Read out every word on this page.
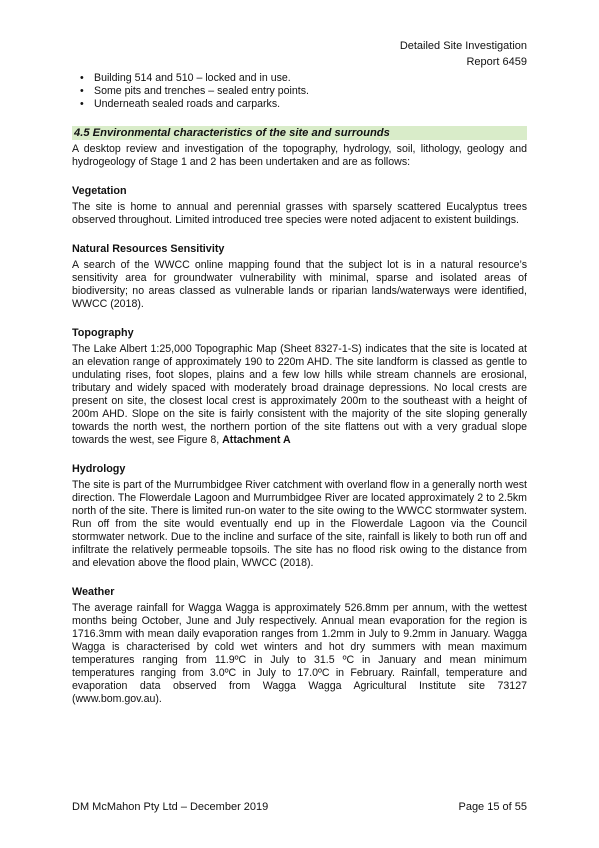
Detailed Site Investigation
Report 6459
• Building 514 and 510 – locked and in use.
• Some pits and trenches – sealed entry points.
• Underneath sealed roads and carparks.
4.5 Environmental characteristics of the site and surrounds

A desktop review and investigation of the topography, hydrology, soil, lithology, geology and hydrogeology of Stage 1 and 2 has been undertaken and are as follows:

Vegetation

The site is home to annual and perennial grasses with sparsely scattered Eucalyptus trees observed throughout. Limited introduced tree species were noted adjacent to existent buildings.

Natural Resources Sensitivity

A search of the WWCC online mapping found that the subject lot is in a natural resource’s sensitivity area for groundwater vulnerability with minimal, sparse and isolated areas of biodiversity; no areas classed as vulnerable lands or riparian lands/waterways were identified, WWCC (2018).

Topography

The Lake Albert 1:25,000 Topographic Map (Sheet 8327-1-S) indicates that the site is located at an elevation range of approximately 190 to 220m AHD. The site landform is classed as gentle to undulating rises, foot slopes, plains and a few low hills while stream channels are erosional, tributary and widely spaced with moderately broad drainage depressions. No local crests are present on site, the closest local crest is approximately 200m to the southeast with a height of 200m AHD. Slope on the site is fairly consistent with the majority of the site sloping generally towards the north west, the northern portion of the site flattens out with a very gradual slope towards the west, see Figure 8, Attachment A

Hydrology

The site is part of the Murrumbidgee River catchment with overland flow in a generally north west direction. The Flowerdale Lagoon and Murrumbidgee River are located approximately 2 to 2.5km north of the site. There is limited run-on water to the site owing to the WWCC stormwater system. Run off from the site would eventually end up in the Flowerdale Lagoon via the Council stormwater network. Due to the incline and surface of the site, rainfall is likely to both run off and infiltrate the relatively permeable topsoils. The site has no flood risk owing to the distance from and elevation above the flood plain, WWCC (2018).

Weather

The average rainfall for Wagga Wagga is approximately 526.8mm per annum, with the wettest months being October, June and July respectively. Annual mean evaporation for the region is 1716.3mm with mean daily evaporation ranges from 1.2mm in July to 9.2mm in January. Wagga Wagga is characterised by cold wet winters and hot dry summers with mean maximum temperatures ranging from 11.9ºC in July to 31.5 ºC in January and mean minimum temperatures ranging from 3.0ºC in July to 17.0ºC in February. Rainfall, temperature and evaporation data observed from Wagga Wagga Agricultural Institute site 73127 (www.bom.gov.au).

DM McMahon Pty Ltd – December 2019	Page 15 of 55
